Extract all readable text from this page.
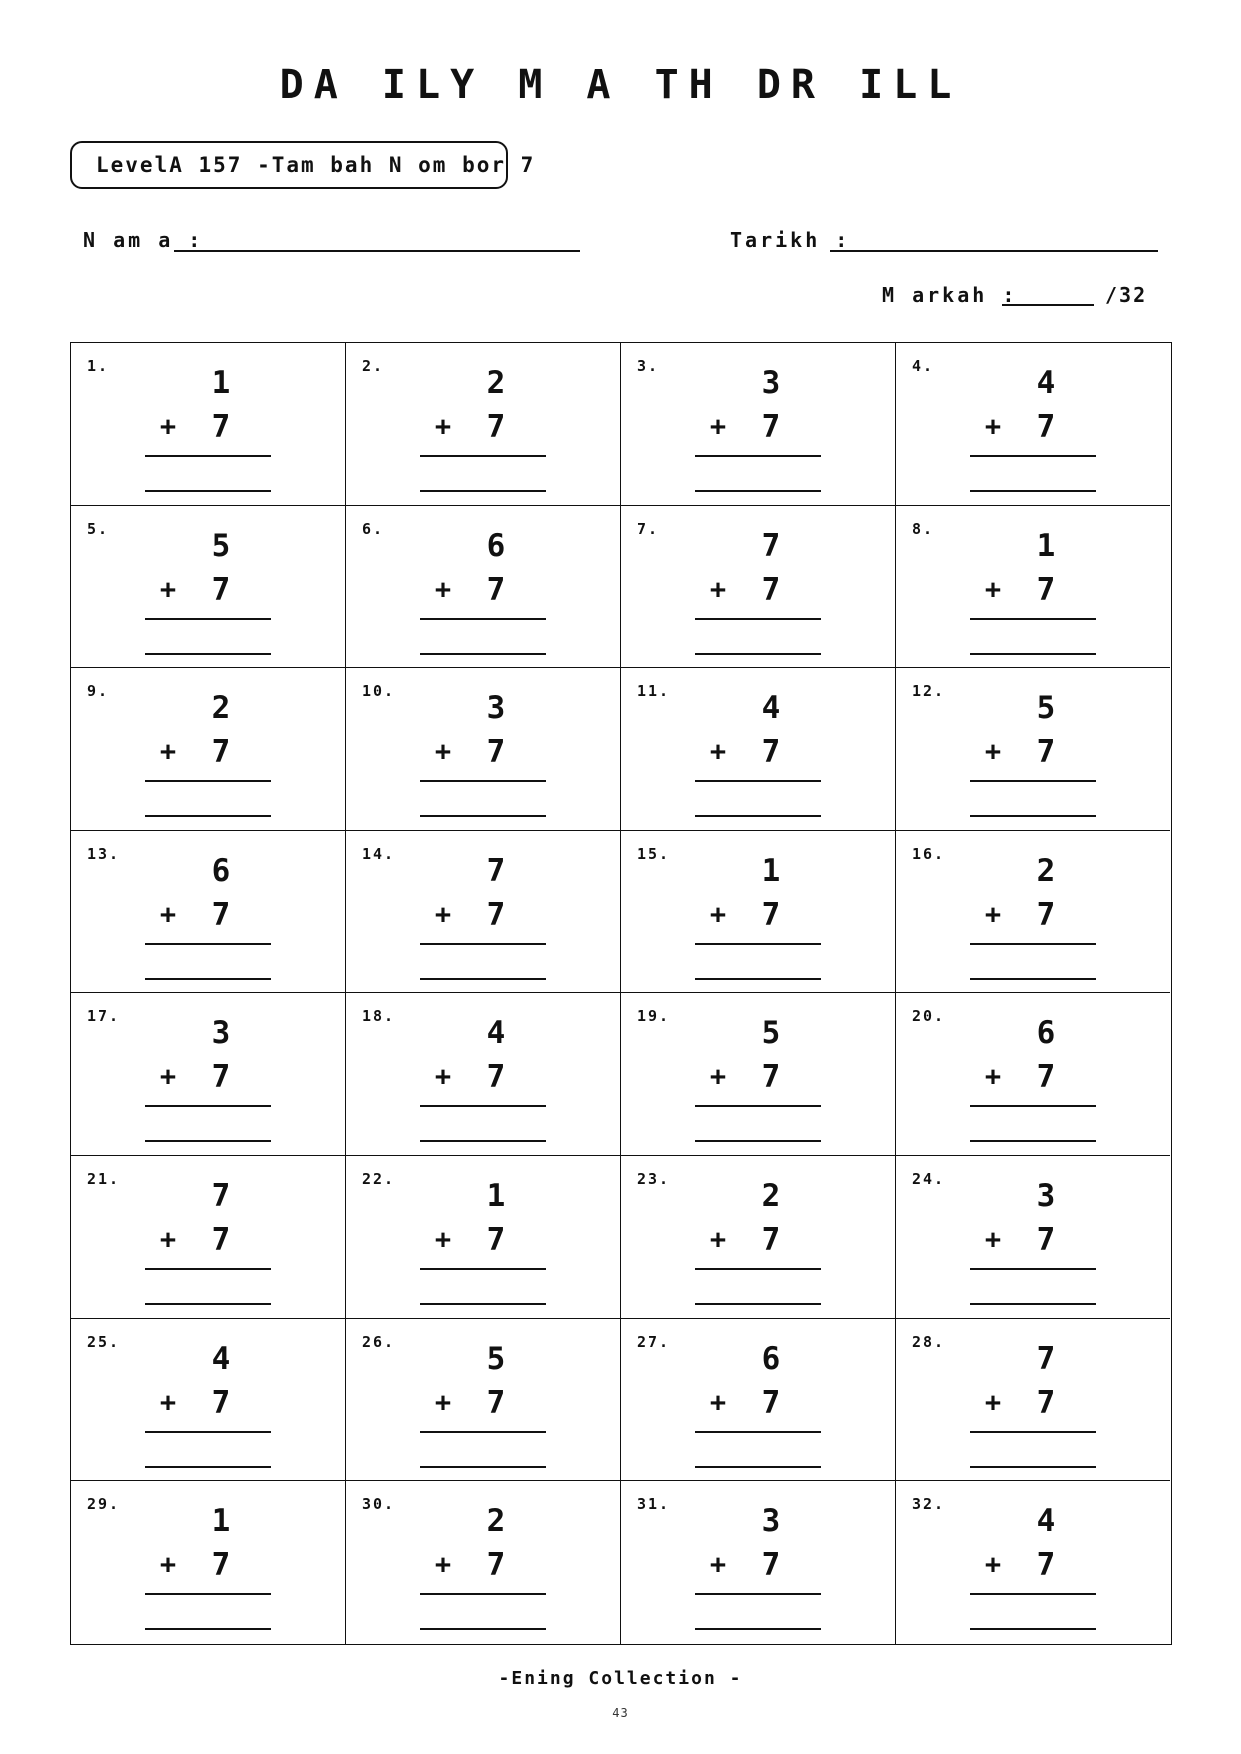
DA ILY M A TH DR ILL
LevelA 157 -Tam bah N om bor 7
N am a :	Tarikh :
M arkah :	/32
1.	1
+	7
2.	2
+	7
3.	3
+	7
4.	4
+	7
5.	5
+	7
6.	6
+	7
7.	7
+	7
8.	1
+	7
9.	2
+	7
10.	3
+	7
11.	4
+	7
12.	5
+	7
13.	6
+	7
14.	7
+	7
15.	1
+	7
16.	2
+	7
17.	3
+	7
18.	4
+	7
19.	5
+	7
20.	6
+	7
21.	7
+	7
22.	1
+	7
23.	2
+	7
24.	3
+	7
25.	4
+	7
26.	5
+	7
27.	6
+	7
28.	7
+	7
29.	1
+	7
30.	2
+	7
31.	3
+	7
32.	4
+	7
-Ening Collection -
43
